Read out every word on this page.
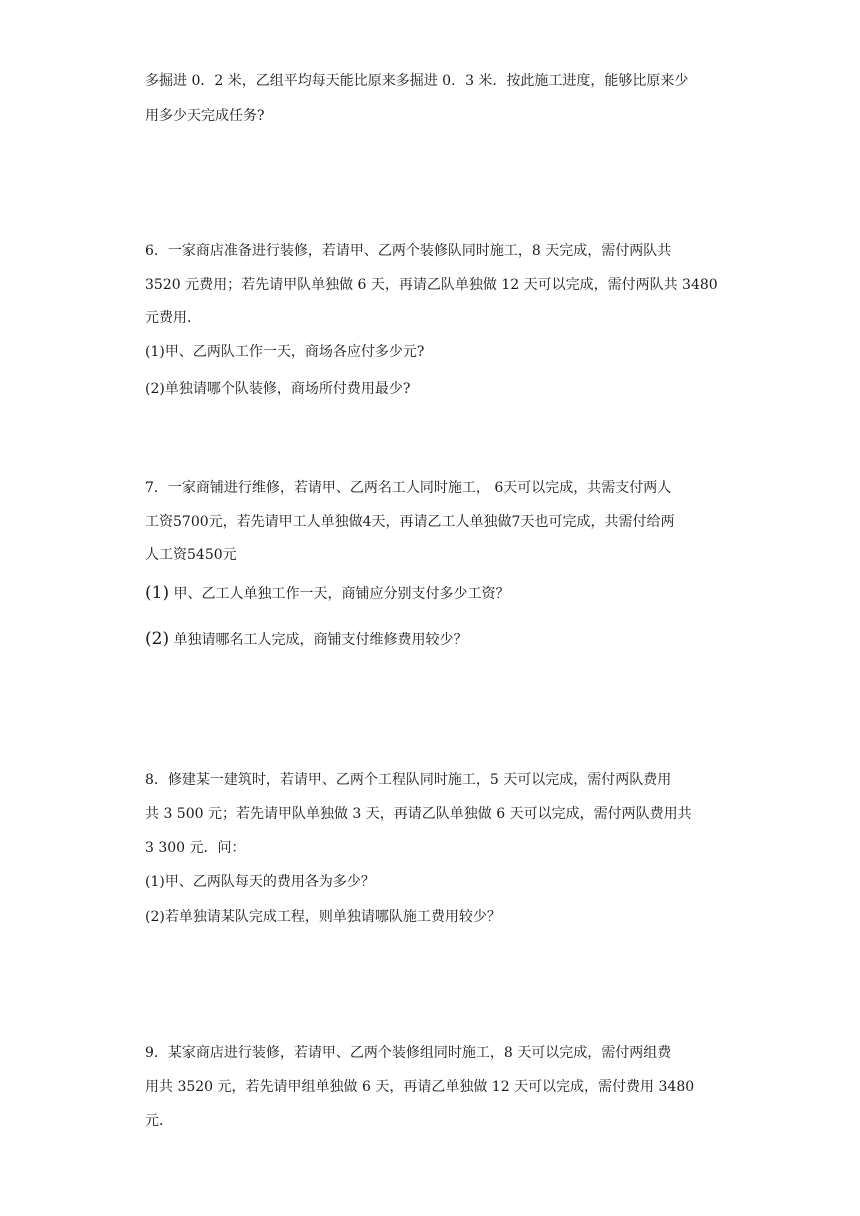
多掘进 0．2 米，乙组平均每天能比原来多掘进 0．3 米．按此施工进度，能够比原来少
用多少天完成任务?
6．一家商店准备进行装修，若请甲、乙两个装修队同时施工，8 天完成，需付两队共
3520 元费用；若先请甲队单独做 6 天，再请乙队单独做 12 天可以完成，需付两队共 3480
元费用．
(1)甲、乙两队工作一天，商场各应付多少元?
(2)单独请哪个队装修，商场所付费用最少?
7．一家商铺进行维修，若请甲、乙两名工人同时施工， 6天可以完成，共需支付两人
工资5700元，若先请甲工人单独做4天，再请乙工人单独做7天也可完成，共需付给两
人工资5450元
(1) 甲、乙工人单独工作一天，商铺应分别支付多少工资？
(2) 单独请哪名工人完成，商铺支付维修费用较少？
8．修建某一建筑时，若请甲、乙两个工程队同时施工，5 天可以完成，需付两队费用
共 3 500 元；若先请甲队单独做 3 天，再请乙队单独做 6 天可以完成，需付两队费用共
3 300 元．问：
(1)甲、乙两队每天的费用各为多少？
(2)若单独请某队完成工程，则单独请哪队施工费用较少？
9．某家商店进行装修，若请甲、乙两个装修组同时施工，8 天可以完成，需付两组费
用共 3520 元，若先请甲组单独做 6 天，再请乙单独做 12 天可以完成，需付费用 3480
元．
